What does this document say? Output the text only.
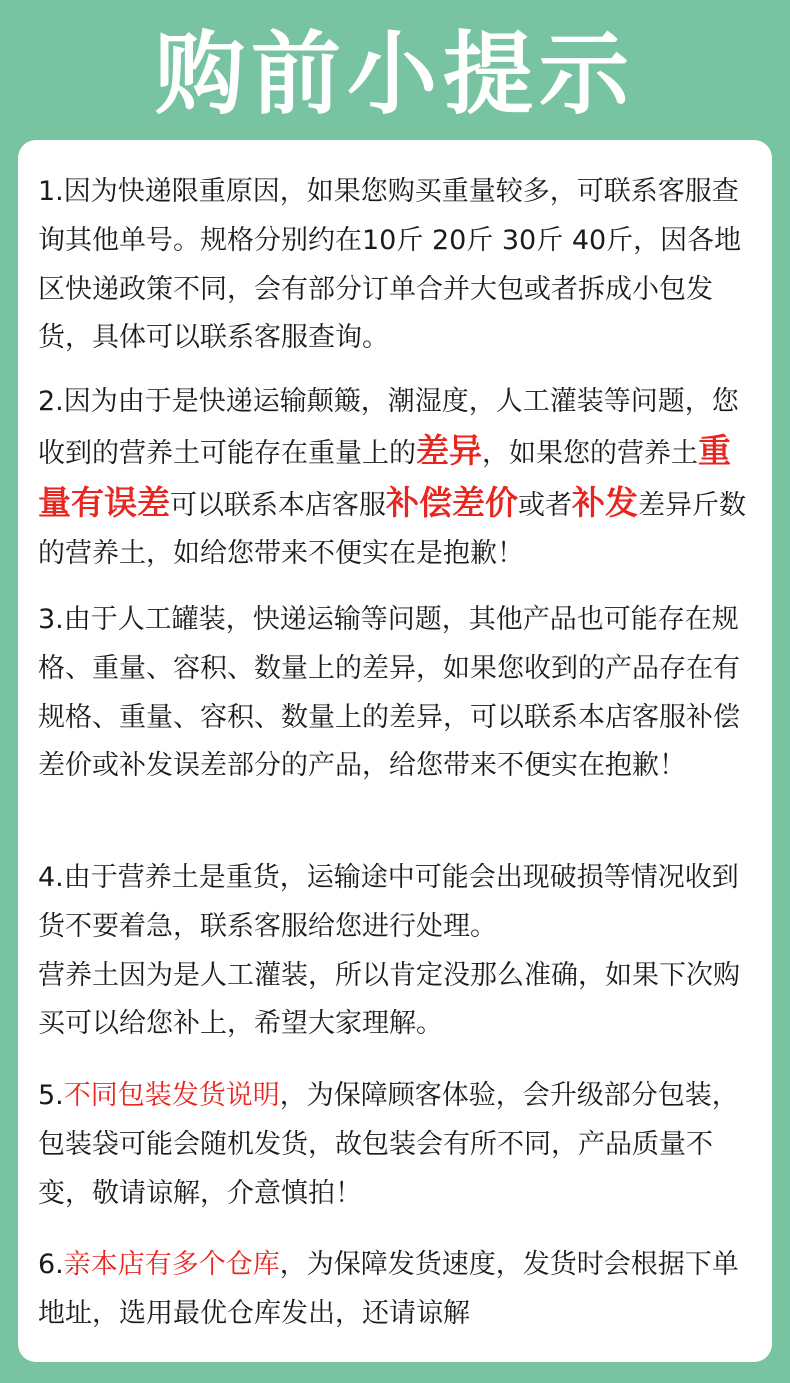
购前小提示

1.因为快递限重原因，如果您购买重量较多，可联系客服查询其他单号。规格分别约在10斤 20斤 30斤 40斤，因各地区快递政策不同，会有部分订单合并大包或者拆成小包发货，具体可以联系客服查询。

2.因为由于是快递运输颠簸，潮湿度，人工灌装等问题，您收到的营养土可能存在重量上的差异，如果您的营养土重量有误差可以联系本店客服补偿差价或者补发差异斤数的营养土，如给您带来不便实在是抱歉！

3.由于人工罐装，快递运输等问题，其他产品也可能存在规格、重量、容积、数量上的差异，如果您收到的产品存在有规格、重量、容积、数量上的差异，可以联系本店客服补偿差价或补发误差部分的产品，给您带来不便实在抱歉！

4.由于营养土是重货，运输途中可能会出现破损等情况收到货不要着急，联系客服给您进行处理。
营养土因为是人工灌装，所以肯定没那么准确，如果下次购买可以给您补上，希望大家理解。

5.不同包装发货说明，为保障顾客体验，会升级部分包装，包装袋可能会随机发货，故包装会有所不同，产品质量不变，敬请谅解，介意慎拍！

6.亲本店有多个仓库，为保障发货速度，发货时会根据下单地址，选用最优仓库发出，还请谅解
